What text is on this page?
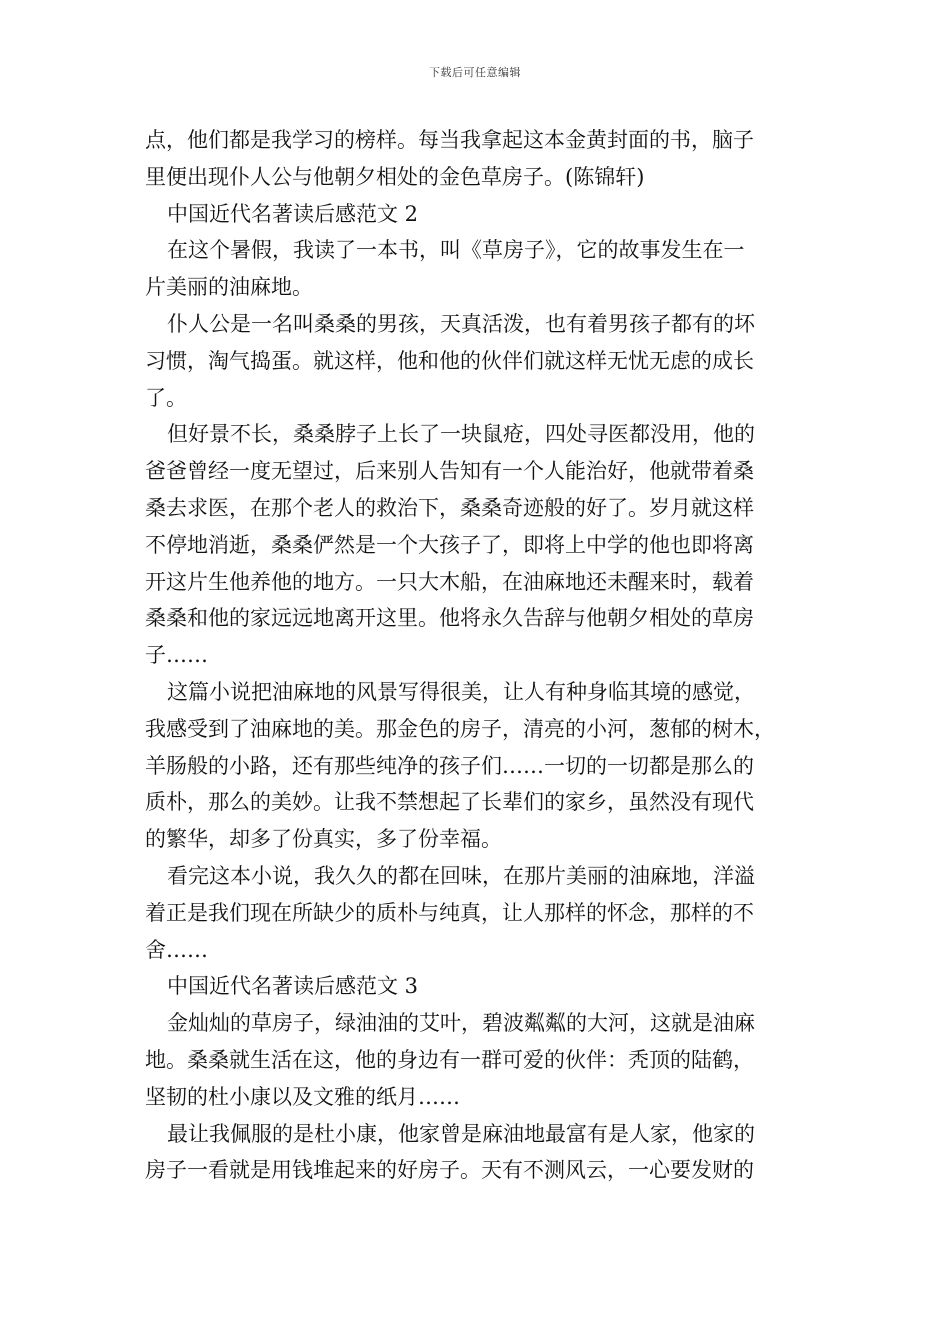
下载后可任意编辑
点，他们都是我学习的榜样。每当我拿起这本金黄封面的书，脑子
里便出现仆人公与他朝夕相处的金色草房子。(陈锦轩)
中国近代名著读后感范文 2
在这个暑假，我读了一本书，叫《草房子》，它的故事发生在一
片美丽的油麻地。
仆人公是一名叫桑桑的男孩，天真活泼，也有着男孩子都有的坏
习惯，淘气捣蛋。就这样，他和他的伙伴们就这样无忧无虑的成长
了。
但好景不长，桑桑脖子上长了一块鼠疮，四处寻医都没用，他的
爸爸曾经一度无望过，后来别人告知有一个人能治好，他就带着桑
桑去求医，在那个老人的救治下，桑桑奇迹般的好了。岁月就这样
不停地消逝，桑桑俨然是一个大孩子了，即将上中学的他也即将离
开这片生他养他的地方。一只大木船，在油麻地还未醒来时，载着
桑桑和他的家远远地离开这里。他将永久告辞与他朝夕相处的草房
子……
这篇小说把油麻地的风景写得很美，让人有种身临其境的感觉，
我感受到了油麻地的美。那金色的房子，清亮的小河，葱郁的树木，
羊肠般的小路，还有那些纯净的孩子们……一切的一切都是那么的
质朴，那么的美妙。让我不禁想起了长辈们的家乡，虽然没有现代
的繁华，却多了份真实，多了份幸福。
看完这本小说，我久久的都在回味，在那片美丽的油麻地，洋溢
着正是我们现在所缺少的质朴与纯真，让人那样的怀念，那样的不
舍……
中国近代名著读后感范文 3
金灿灿的草房子，绿油油的艾叶，碧波粼粼的大河，这就是油麻
地。桑桑就生活在这，他的身边有一群可爱的伙伴：秃顶的陆鹤，
坚韧的杜小康以及文雅的纸月……
最让我佩服的是杜小康，他家曾是麻油地最富有是人家，他家的
房子一看就是用钱堆起来的好房子。天有不测风云，一心要发财的
